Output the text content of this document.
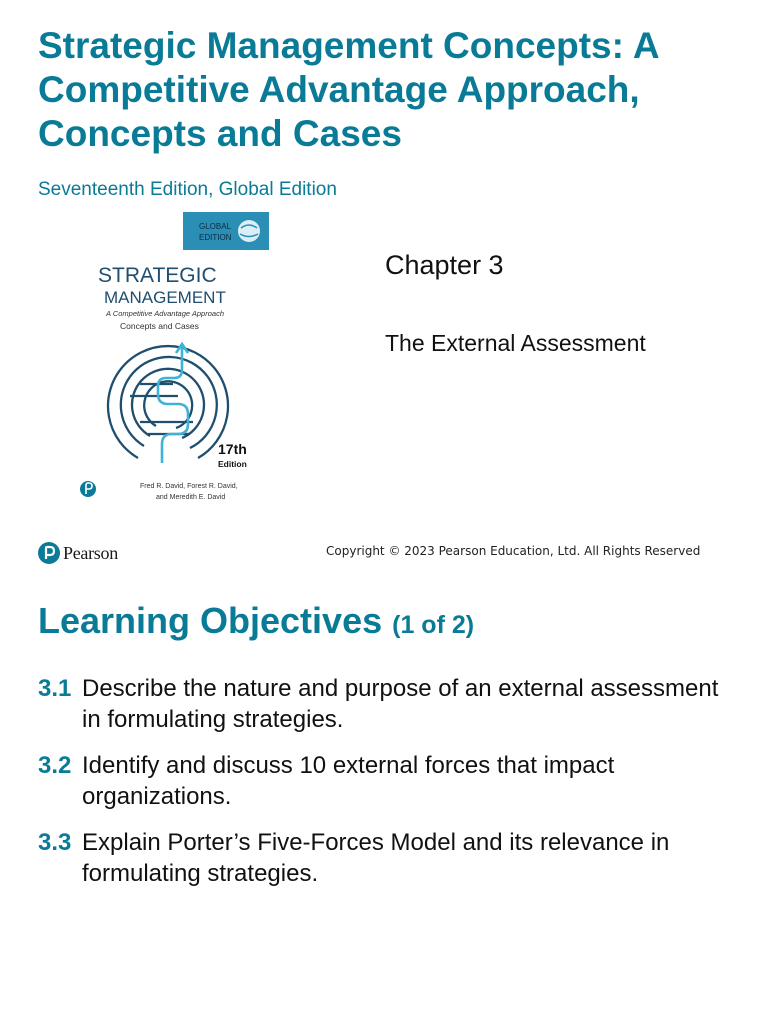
Strategic Management Concepts: A
Competitive Advantage Approach,
Concepts and Cases
Seventeenth Edition, Global Edition
GLOBAL
EDITION
STRATEGIC
MANAGEMENT
A Competitive Advantage Approach
Concepts and Cases
17th
Edition
Fred R. David, Forest R. David,
and Meredith E. David
Chapter 3
The External Assessment
Pearson	Copyright © 2023 Pearson Education, Ltd. All Rights Reserved
Learning Objectives (1 of 2)
3.1 Describe the nature and purpose of an external assessment in formulating strategies.
3.2 Identify and discuss 10 external forces that impact organizations.
3.3 Explain Porter’s Five-Forces Model and its relevance in formulating strategies.
